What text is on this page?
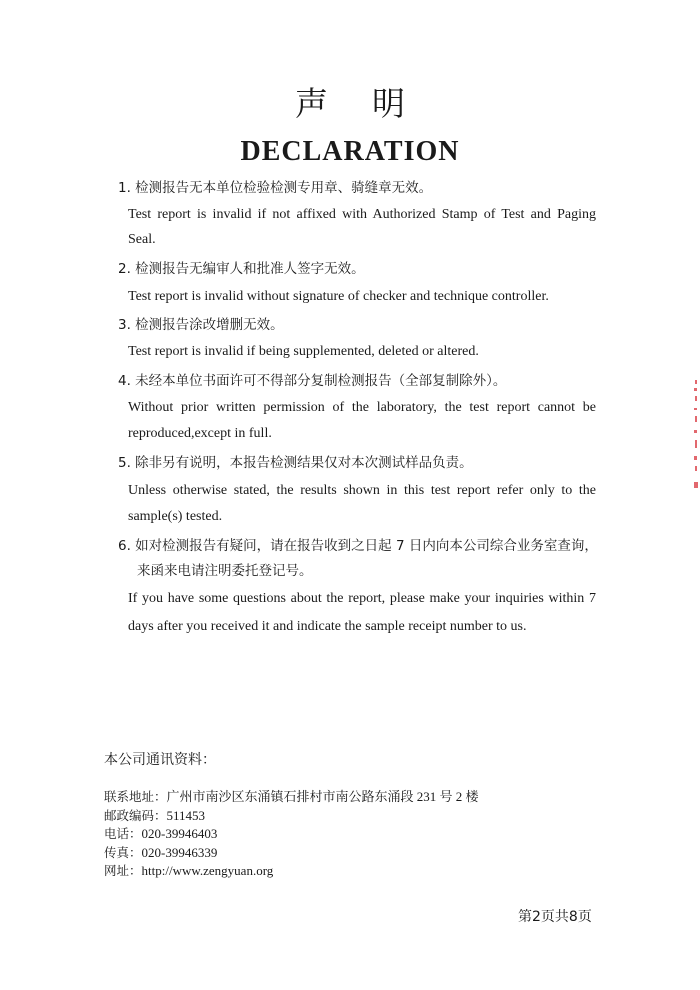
声明
DECLARATION
1. 检测报告无本单位检验检测专用章、骑缝章无效。
Test report is invalid if not affixed with Authorized Stamp of Test and Paging
Seal.
2. 检测报告无编审人和批准人签字无效。
Test report is invalid without signature of checker and technique controller.
3. 检测报告涂改增删无效。
Test report is invalid if being supplemented, deleted or altered.
4. 未经本单位书面许可不得部分复制检测报告（全部复制除外）。
Without prior written permission of the laboratory, the test report cannot be
reproduced,except in full.
5. 除非另有说明，本报告检测结果仅对本次测试样品负责。
Unless otherwise stated, the results shown in this test report refer only to the
sample(s) tested.
6. 如对检测报告有疑问，请在报告收到之日起 7 日内向本公司综合业务室查询，
来函来电请注明委托登记号。
If you have some questions about the report, please make your inquiries within 7
days after you received it and indicate the sample receipt number to us.
本公司通讯资料：
联系地址：广州市南沙区东涌镇石排村市南公路东涌段 231 号 2 楼
邮政编码：511453
电话：020-39946403
传真：020-39946339
网址：http://www.zengyuan.org
第2页共8页
